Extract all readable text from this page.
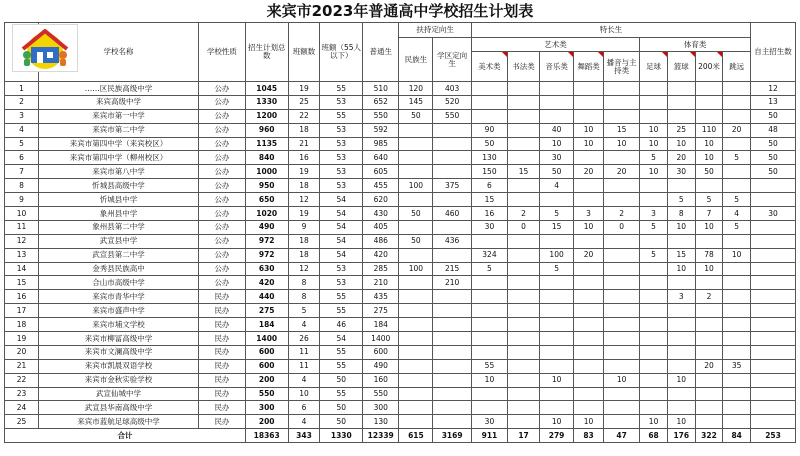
来宾市2023年普通高中学校招生计划表
	学校名称	学校性质	招生计划总数	班额数	班额（55人以下）	普通生	扶持定向生		特长生									自主招生数
							民族生	学区定向生	艺术类					体育类				
									美术类	书法类	音乐类	舞蹈类	播音与主持类	足球	篮球	200米	跳远	
1	……区民族高级中学	公办	1045	19	55	510	120	403										12
2	来宾高级中学	公办	1330	25	53	652	145	520										13
3	来宾市第一中学	公办	1200	22	55	550	50	550										50
4	来宾市第二中学	公办	960	18	53	592			90		40	10	15	10	25	110	20	48
5	来宾市第四中学（来宾校区）	公办	1135	21	53	985			50		10	10	10	10	10	10		50
6	来宾市第四中学（柳州校区）	公办	840	16	53	640			130		30			5	20	10	5	50
7	来宾市第八中学	公办	1000	19	53	605			150	15	50	20	20	10	30	50		50
8	忻城县高级中学	公办	950	18	53	455	100	375	6		4							
9	忻城县中学	公办	650	12	54	620			15						5	5	5	
10	象州县中学	公办	1020	19	54	430	50	460	16	2	5	3	2	3	8	7	4	30
11	象州县第二中学	公办	490	9	54	405			30	0	15	10	0	5	10	10	5	
12	武宣县中学	公办	972	18	54	486	50	436										
13	武宣县第二中学	公办	972	18	54	420			324		100	20		5	15	78	10	
14	金秀县民族高中	公办	630	12	53	285	100	215	5		5				10	10		
15	合山市高级中学	公办	420	8	53	210		210										
16	来宾市青华中学	民办	440	8	55	435									3	2		
17	来宾市盛声中学	民办	275	5	55	275												
18	来宾市埔文学校	民办	184	4	46	184												
19	来宾市柳冨高级中学	民办	1400	26	54	1400												
20	来宾市文澜高级中学	民办	600	11	55	600												
21	来宾市凯晨双语学校	民办	600	11	55	490			55							20	35	
22	来宾市金秋实验学校	民办	200	4	50	160			10		10		10		10			
23	武宣仙城中学	民办	550	10	55	550												
24	武宣县华南高级中学	民办	300	6	50	300												
25	来宾市蓝航足球高级中学	民办	200	4	50	130			30		10	10		10	10			
合计			18363	343	1330	12339	615	3169	911	17	279	83	47	68	176	322	84	253
